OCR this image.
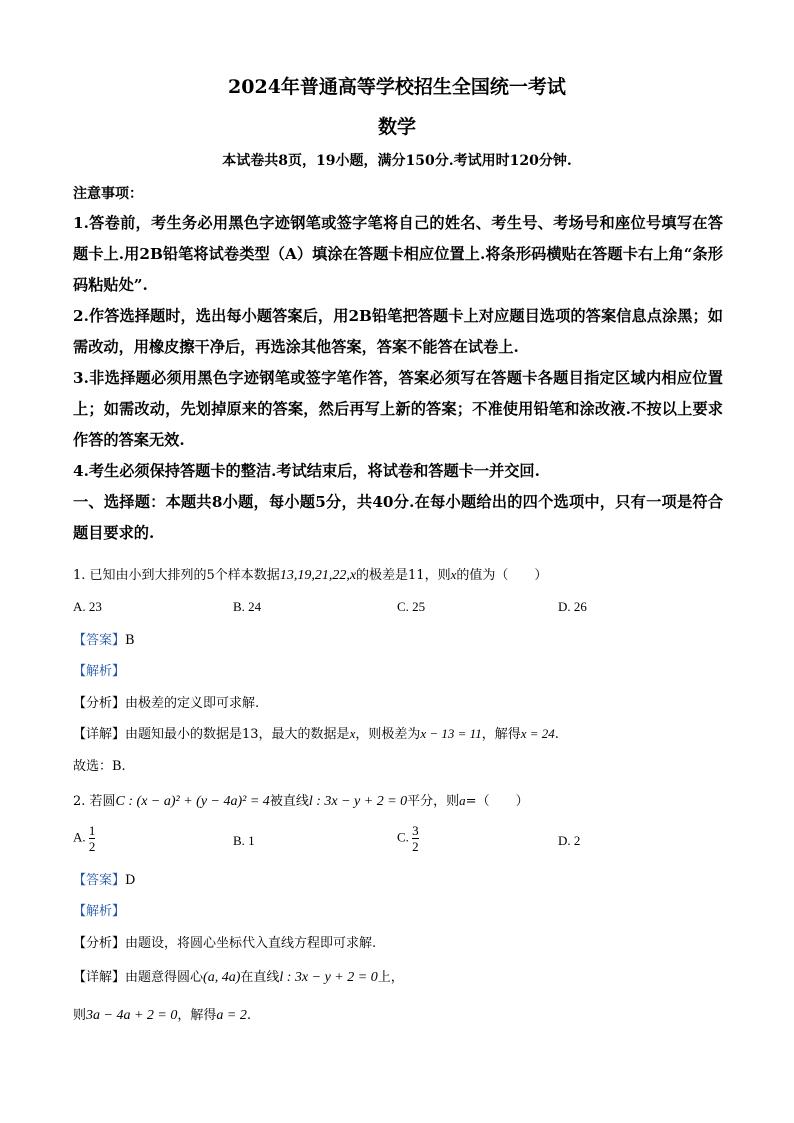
2024年普通高等学校招生全国统一考试
数学
本试卷共8页，19小题，满分150分.考试用时120分钟.
注意事项：
1.答卷前，考生务必用黑色字迹钢笔或签字笔将自己的姓名、考生号、考场号和座位号填写在答题卡上.用2B铅笔将试卷类型（A）填涂在答题卡相应位置上.将条形码横贴在答题卡右上角“条形码粘贴处”.
2.作答选择题时，选出每小题答案后，用2B铅笔把答题卡上对应题目选项的答案信息点涂黑；如需改动，用橡皮擦干净后，再选涂其他答案，答案不能答在试卷上.
3.非选择题必须用黑色字迹钢笔或签字笔作答，答案必须写在答题卡各题目指定区域内相应位置上；如需改动，先划掉原来的答案，然后再写上新的答案；不准使用铅笔和涂改液.不按以上要求作答的答案无效.
4.考生必须保持答题卡的整洁.考试结束后，将试卷和答题卡一并交回.
一、选择题：本题共8小题，每小题5分，共40分.在每小题给出的四个选项中，只有一项是符合题目要求的.
1. 已知由小到大排列的5个样本数据13,19,21,22,x的极差是11，则x的值为（　　）
A. 23	B. 24	C. 25	D. 26
【答案】B
【解析】
【分析】由极差的定义即可求解.
【详解】由题知最小的数据是13，最大的数据是x，则极差为x − 13 = 11，解得x = 24.
故选：B.
2. 若圆C : (x − a)² + (y − 4a)² = 4被直线l : 3x − y + 2 = 0平分，则a=（　　）
A. $\frac{1}{2}$	B. 1	C. $\frac{3}{2}$	D. 2
【答案】D
【解析】
【分析】由题设，将圆心坐标代入直线方程即可求解.
【详解】由题意得圆心(a, 4a)在直线l : 3x − y + 2 = 0上，
则3a − 4a + 2 = 0，解得a = 2.
